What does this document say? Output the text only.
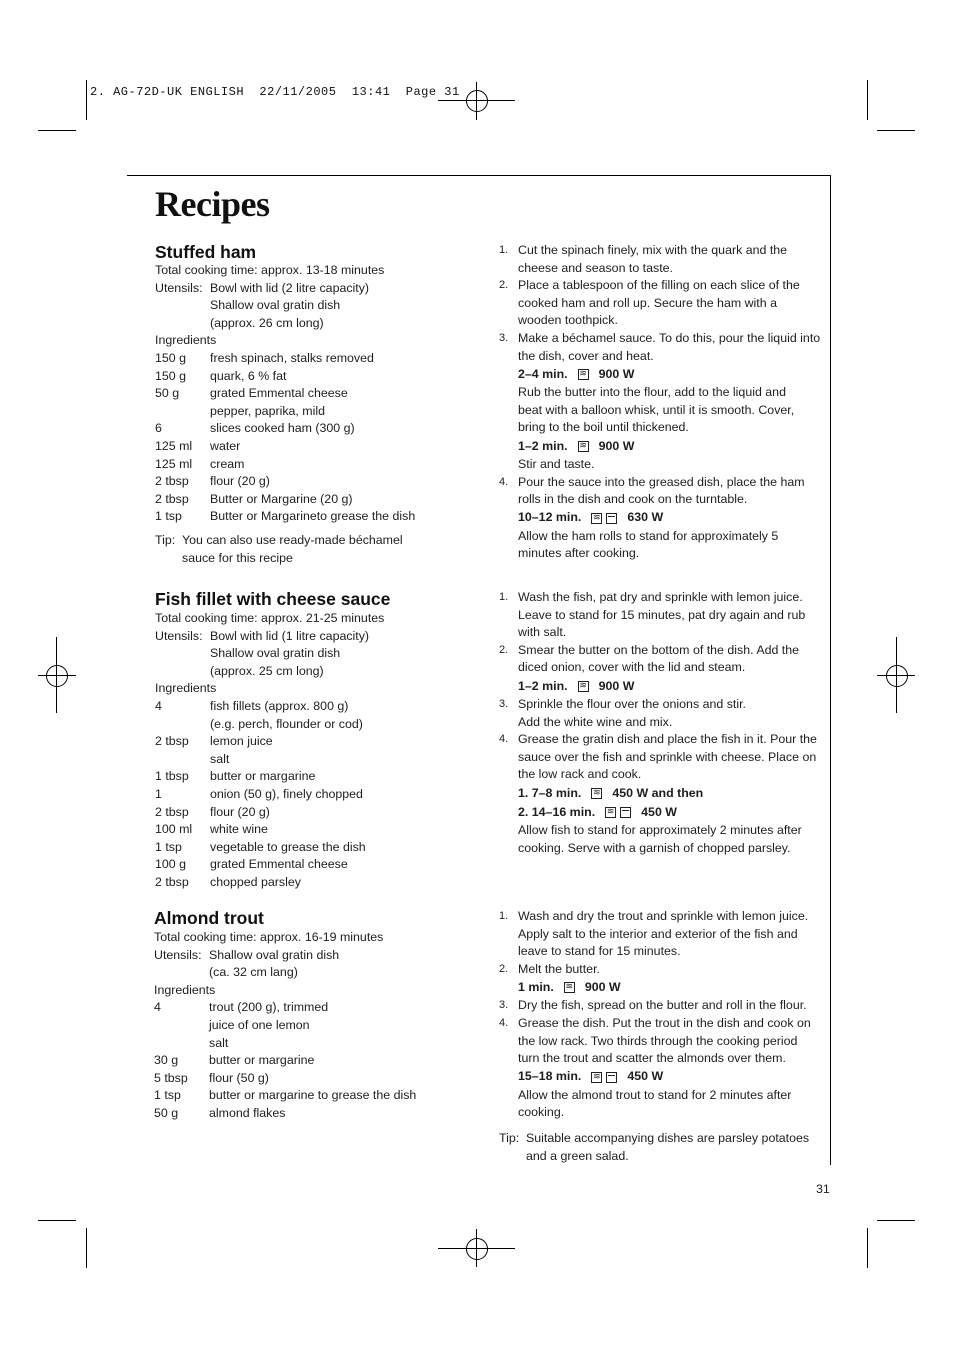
2. AG-72D-UK ENGLISH  22/11/2005  13:41  Page 31
Recipes
Stuffed ham
Total cooking time: approx. 13-18 minutes
Utensils: Bowl with lid (2 litre capacity)
Shallow oval gratin dish
(approx. 26 cm long)
Ingredients
150 g fresh spinach, stalks removed
150 g quark, 6 % fat
50 g grated Emmental cheese
pepper, paprika, mild
6	slices cooked ham (300 g)
125 ml water
125 ml cream
2 tbsp flour (20 g)
2 tbsp Butter or Margarine (20 g)
1 tsp Butter or Margarineto grease the dish
Tip: You can also use ready-made béchamel
sauce for this recipe
Fish fillet with cheese sauce
Total cooking time: approx. 21-25 minutes
Utensils: Bowl with lid (1 litre capacity)
Shallow oval gratin dish
(approx. 25 cm long)
Ingredients
4	fish fillets (approx. 800 g)
(e.g. perch, flounder or cod)
2 tbsp lemon juice
salt
1 tbsp butter or margarine
1	onion (50 g), finely chopped
2 tbsp flour (20 g)
100 ml white wine
1 tsp vegetable to grease the dish
100 g grated Emmental cheese
2 tbsp chopped parsley
Almond trout
Total cooking time: approx. 16-19 minutes
Utensils: Shallow oval gratin dish
(ca. 32 cm lang)
Ingredients
4	trout (200 g), trimmed
juice of one lemon
salt
30 g butter or margarine
5 tbsp flour (50 g)
1 tsp butter or margarine to grease the dish
50 g almond flakes
1. Cut the spinach finely, mix with the quark and the
cheese and season to taste.
2. Place a tablespoon of the filling on each slice of the
cooked ham and roll up. Secure the ham with a
wooden toothpick.
3. Make a béchamel sauce. To do this, pour the liquid into
the dish, cover and heat.
2–4 min. ≋	900 W
Rub the butter into the flour, add to the liquid and
beat with a balloon whisk, until it is smooth. Cover,
bring to the boil until thickened.
1–2 min. ≋	900 W
Stir and taste.
4. Pour the sauce into the greased dish, place the ham
rolls in the dish and cook on the turntable.
10–12 min. ≋	630 W
Allow the ham rolls to stand for approximately 5
minutes after cooking.
1. Wash the fish, pat dry and sprinkle with lemon juice.
Leave to stand for 15 minutes, pat dry again and rub
with salt.
2. Smear the butter on the bottom of the dish. Add the
diced onion, cover with the lid and steam.
1–2 min. ≋	900 W
3. Sprinkle the flour over the onions and stir.
Add the white wine and mix.
4. Grease the gratin dish and place the fish in it. Pour the
sauce over the fish and sprinkle with cheese. Place on
the low rack and cook.
1. 7–8 min. ≋	450 W and then
2. 14–16 min. ≋	450 W
Allow fish to stand for approximately 2 minutes after
cooking. Serve with a garnish of chopped parsley.
1. Wash and dry the trout and sprinkle with lemon juice.
Apply salt to the interior and exterior of the fish and
leave to stand for 15 minutes.
2. Melt the butter.
1 min. ≋	900 W
3. Dry the fish, spread on the butter and roll in the flour.
4. Grease the dish. Put the trout in the dish and cook on
the low rack. Two thirds through the cooking period
turn the trout and scatter the almonds over them.
15–18 min. ≋	450 W
Allow the almond trout to stand for 2 minutes after
cooking.
Tip: Suitable accompanying dishes are parsley potatoes
and a green salad.
31
